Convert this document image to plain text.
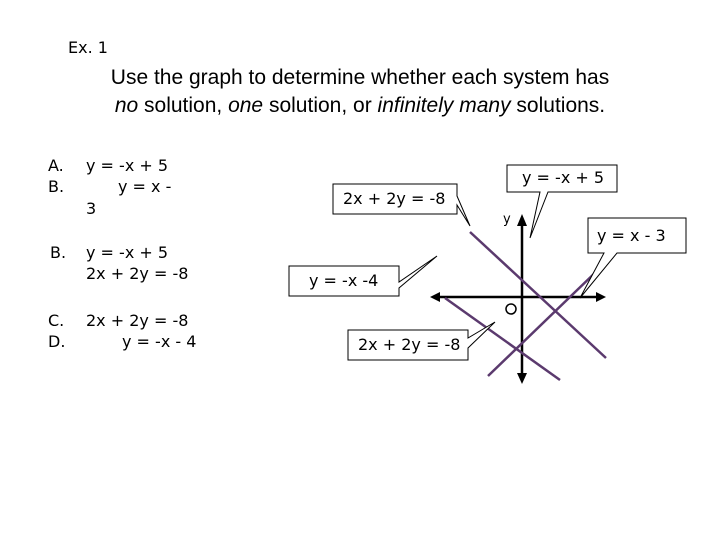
Ex. 1
Use the graph to determine whether each system has
no solution, one solution, or infinitely many solutions.
A. y = -x + 5
B.	y = x -
3
B. y = -x + 5
2x + 2y = -8
C. 2x + 2y = -8
D.	y = -x - 4
y = -x + 5
2x + 2y = -8
y = x - 3
y = -x -4
2x + 2y = -8
y
